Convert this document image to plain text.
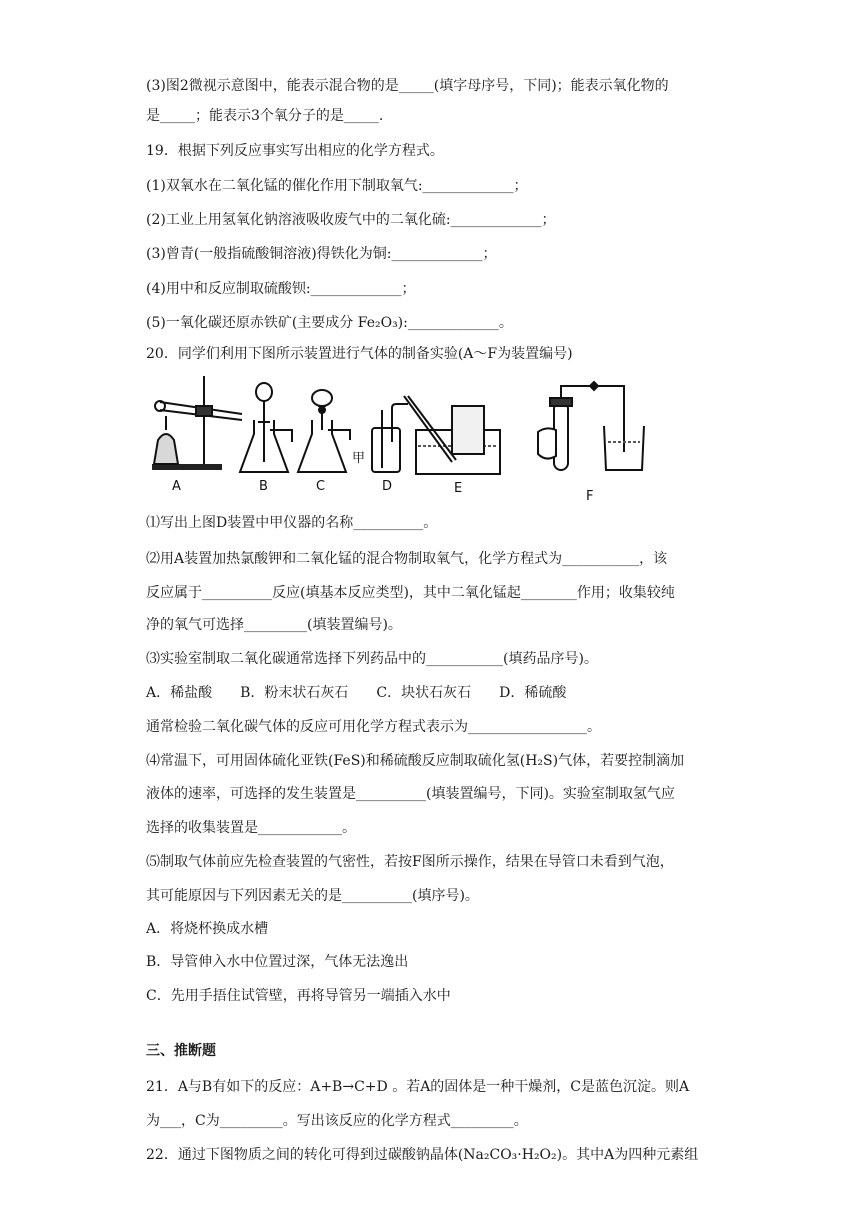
(3)图2微视示意图中，能表示混合物的是_____(填字母序号，下同)；能表示氧化物的
是_____；能表示3个氧分子的是_____.
19．根据下列反应事实写出相应的化学方程式。
(1)双氧水在二氧化锰的催化作用下制取氧气:_____________；
(2)工业上用氢氧化钠溶液吸收废气中的二氧化硫:_____________；
(3)曾青(一般指硫酸铜溶液)得铁化为铜:_____________；
(4)用中和反应制取硫酸钡:_____________；
(5)一氧化碳还原赤铁矿(主要成分 Fe₂O₃):_____________。
20．同学们利用下图所示装置进行气体的制备实验(A～F为装置编号)
A	B	C
甲
D	E
F
⑴写出上图D装置中甲仪器的名称__________。
⑵用A装置加热氯酸钾和二氧化锰的混合物制取氧气，化学方程式为___________，该
反应属于__________反应(填基本反应类型)，其中二氧化锰起________作用；收集较纯
净的氧气可选择_________(填装置编号)。
⑶实验室制取二氧化碳通常选择下列药品中的___________(填药品序号)。
A．稀盐酸　　B．粉末状石灰石　　C．块状石灰石　　D．稀硫酸
通常检验二氧化碳气体的反应可用化学方程式表示为_________________。
⑷常温下，可用固体硫化亚铁(FeS)和稀硫酸反应制取硫化氢(H₂S)气体，若要控制滴加
液体的速率，可选择的发生装置是__________(填装置编号，下同)。实验室制取氢气应
选择的收集装置是____________。
⑸制取气体前应先检查装置的气密性，若按F图所示操作，结果在导管口未看到气泡，
其可能原因与下列因素无关的是__________(填序号)。
A．将烧杯换成水槽
B．导管伸入水中位置过深，气体无法逸出
C．先用手捂住试管壁，再将导管另一端插入水中
三、推断题
21．A与B有如下的反应：A+B→C+D 。若A的固体是一种干燥剂，C是蓝色沉淀。则A
为___，C为_________。写出该反应的化学方程式_________。
22．通过下图物质之间的转化可得到过碳酸钠晶体(Na₂CO₃·H₂O₂)。其中A为四种元素组
